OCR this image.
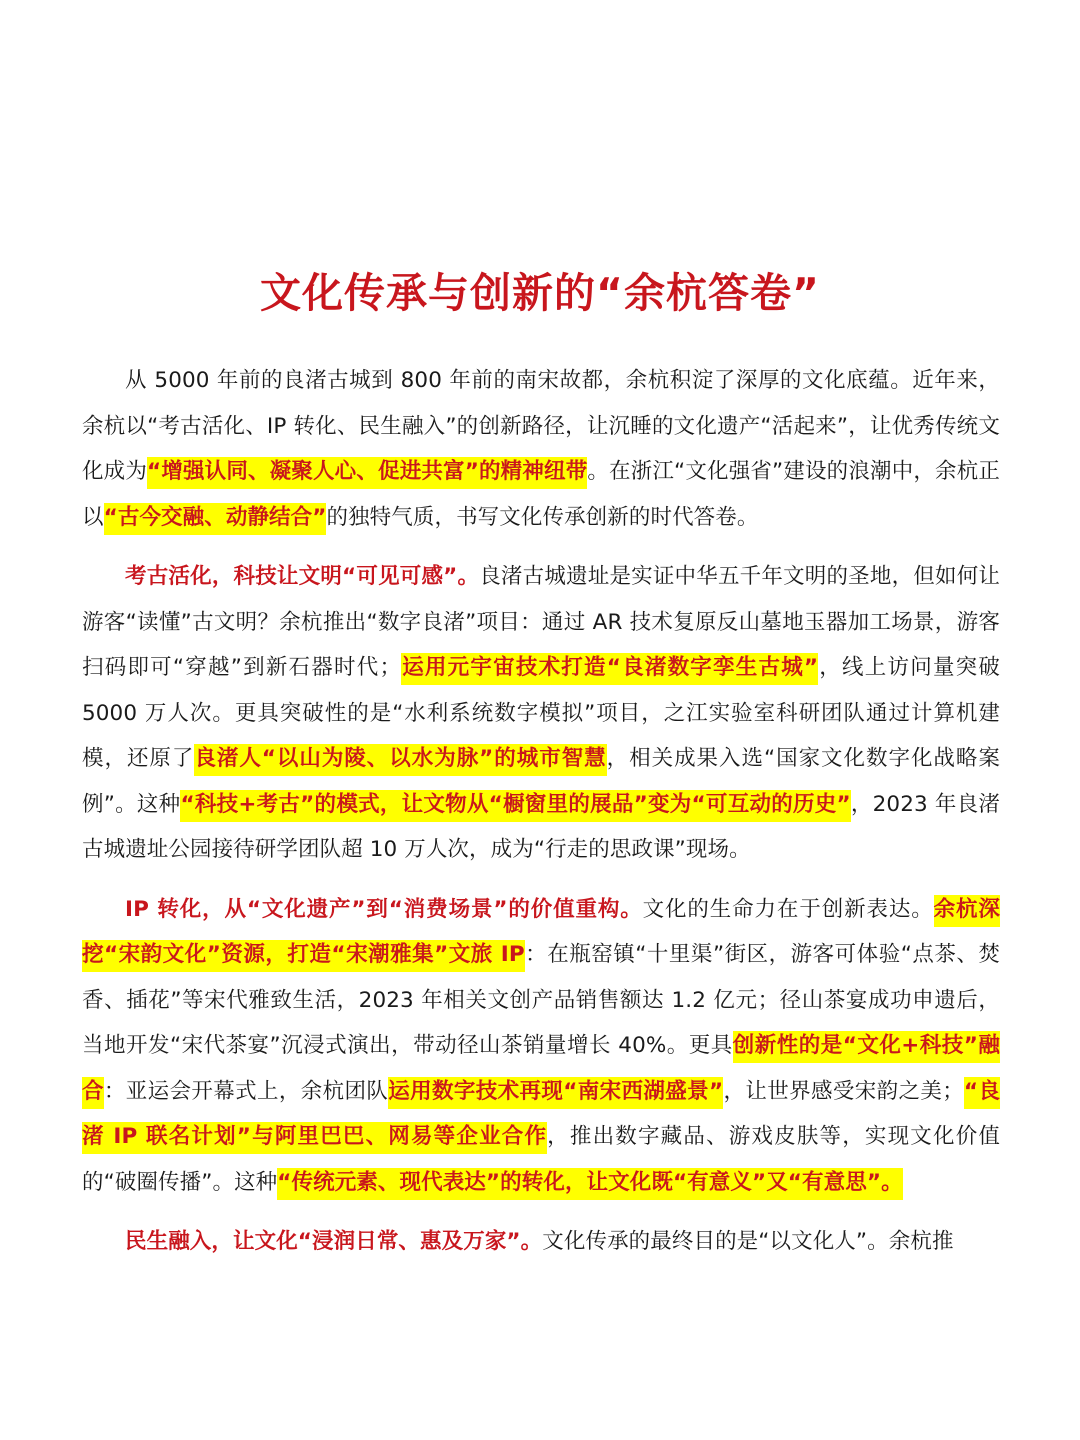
文化传承与创新的“余杭答卷”

从 5000 年前的良渚古城到 800 年前的南宋故都，余杭积淀了深厚的文化底蕴。近年来，余杭以“考古活化、IP 转化、民生融入”的创新路径，让沉睡的文化遗产“活起来”，让优秀传统文化成为“增强认同、凝聚人心、促进共富”的精神纽带。在浙江“文化强省”建设的浪潮中，余杭正以“古今交融、动静结合”的独特气质，书写文化传承创新的时代答卷。

考古活化，科技让文明“可见可感”。良渚古城遗址是实证中华五千年文明的圣地，但如何让游客“读懂”古文明？余杭推出“数字良渚”项目：通过 AR 技术复原反山墓地玉器加工场景，游客扫码即可“穿越”到新石器时代；运用元宇宙技术打造“良渚数字孪生古城”，线上访问量突破 5000 万人次。更具突破性的是“水利系统数字模拟”项目，之江实验室科研团队通过计算机建模，还原了良渚人“以山为陵、以水为脉”的城市智慧，相关成果入选“国家文化数字化战略案例”。这种“科技+考古”的模式，让文物从“橱窗里的展品”变为“可互动的历史”，2023 年良渚古城遗址公园接待研学团队超 10 万人次，成为“行走的思政课”现场。

IP 转化，从“文化遗产”到“消费场景”的价值重构。文化的生命力在于创新表达。余杭深挖“宋韵文化”资源，打造“宋潮雅集”文旅 IP：在瓶窑镇“十里渠”街区，游客可体验“点茶、焚香、插花”等宋代雅致生活，2023 年相关文创产品销售额达 1.2 亿元；径山茶宴成功申遗后，当地开发“宋代茶宴”沉浸式演出，带动径山茶销量增长 40%。更具创新性的是“文化+科技”融合：亚运会开幕式上，余杭团队运用数字技术再现“南宋西湖盛景”，让世界感受宋韵之美；“良渚 IP 联名计划”与阿里巴巴、网易等企业合作，推出数字藏品、游戏皮肤等，实现文化价值的“破圈传播”。这种“传统元素、现代表达”的转化，让文化既“有意义”又“有意思”。

民生融入，让文化“浸润日常、惠及万家”。文化传承的最终目的是“以文化人”。余杭推
